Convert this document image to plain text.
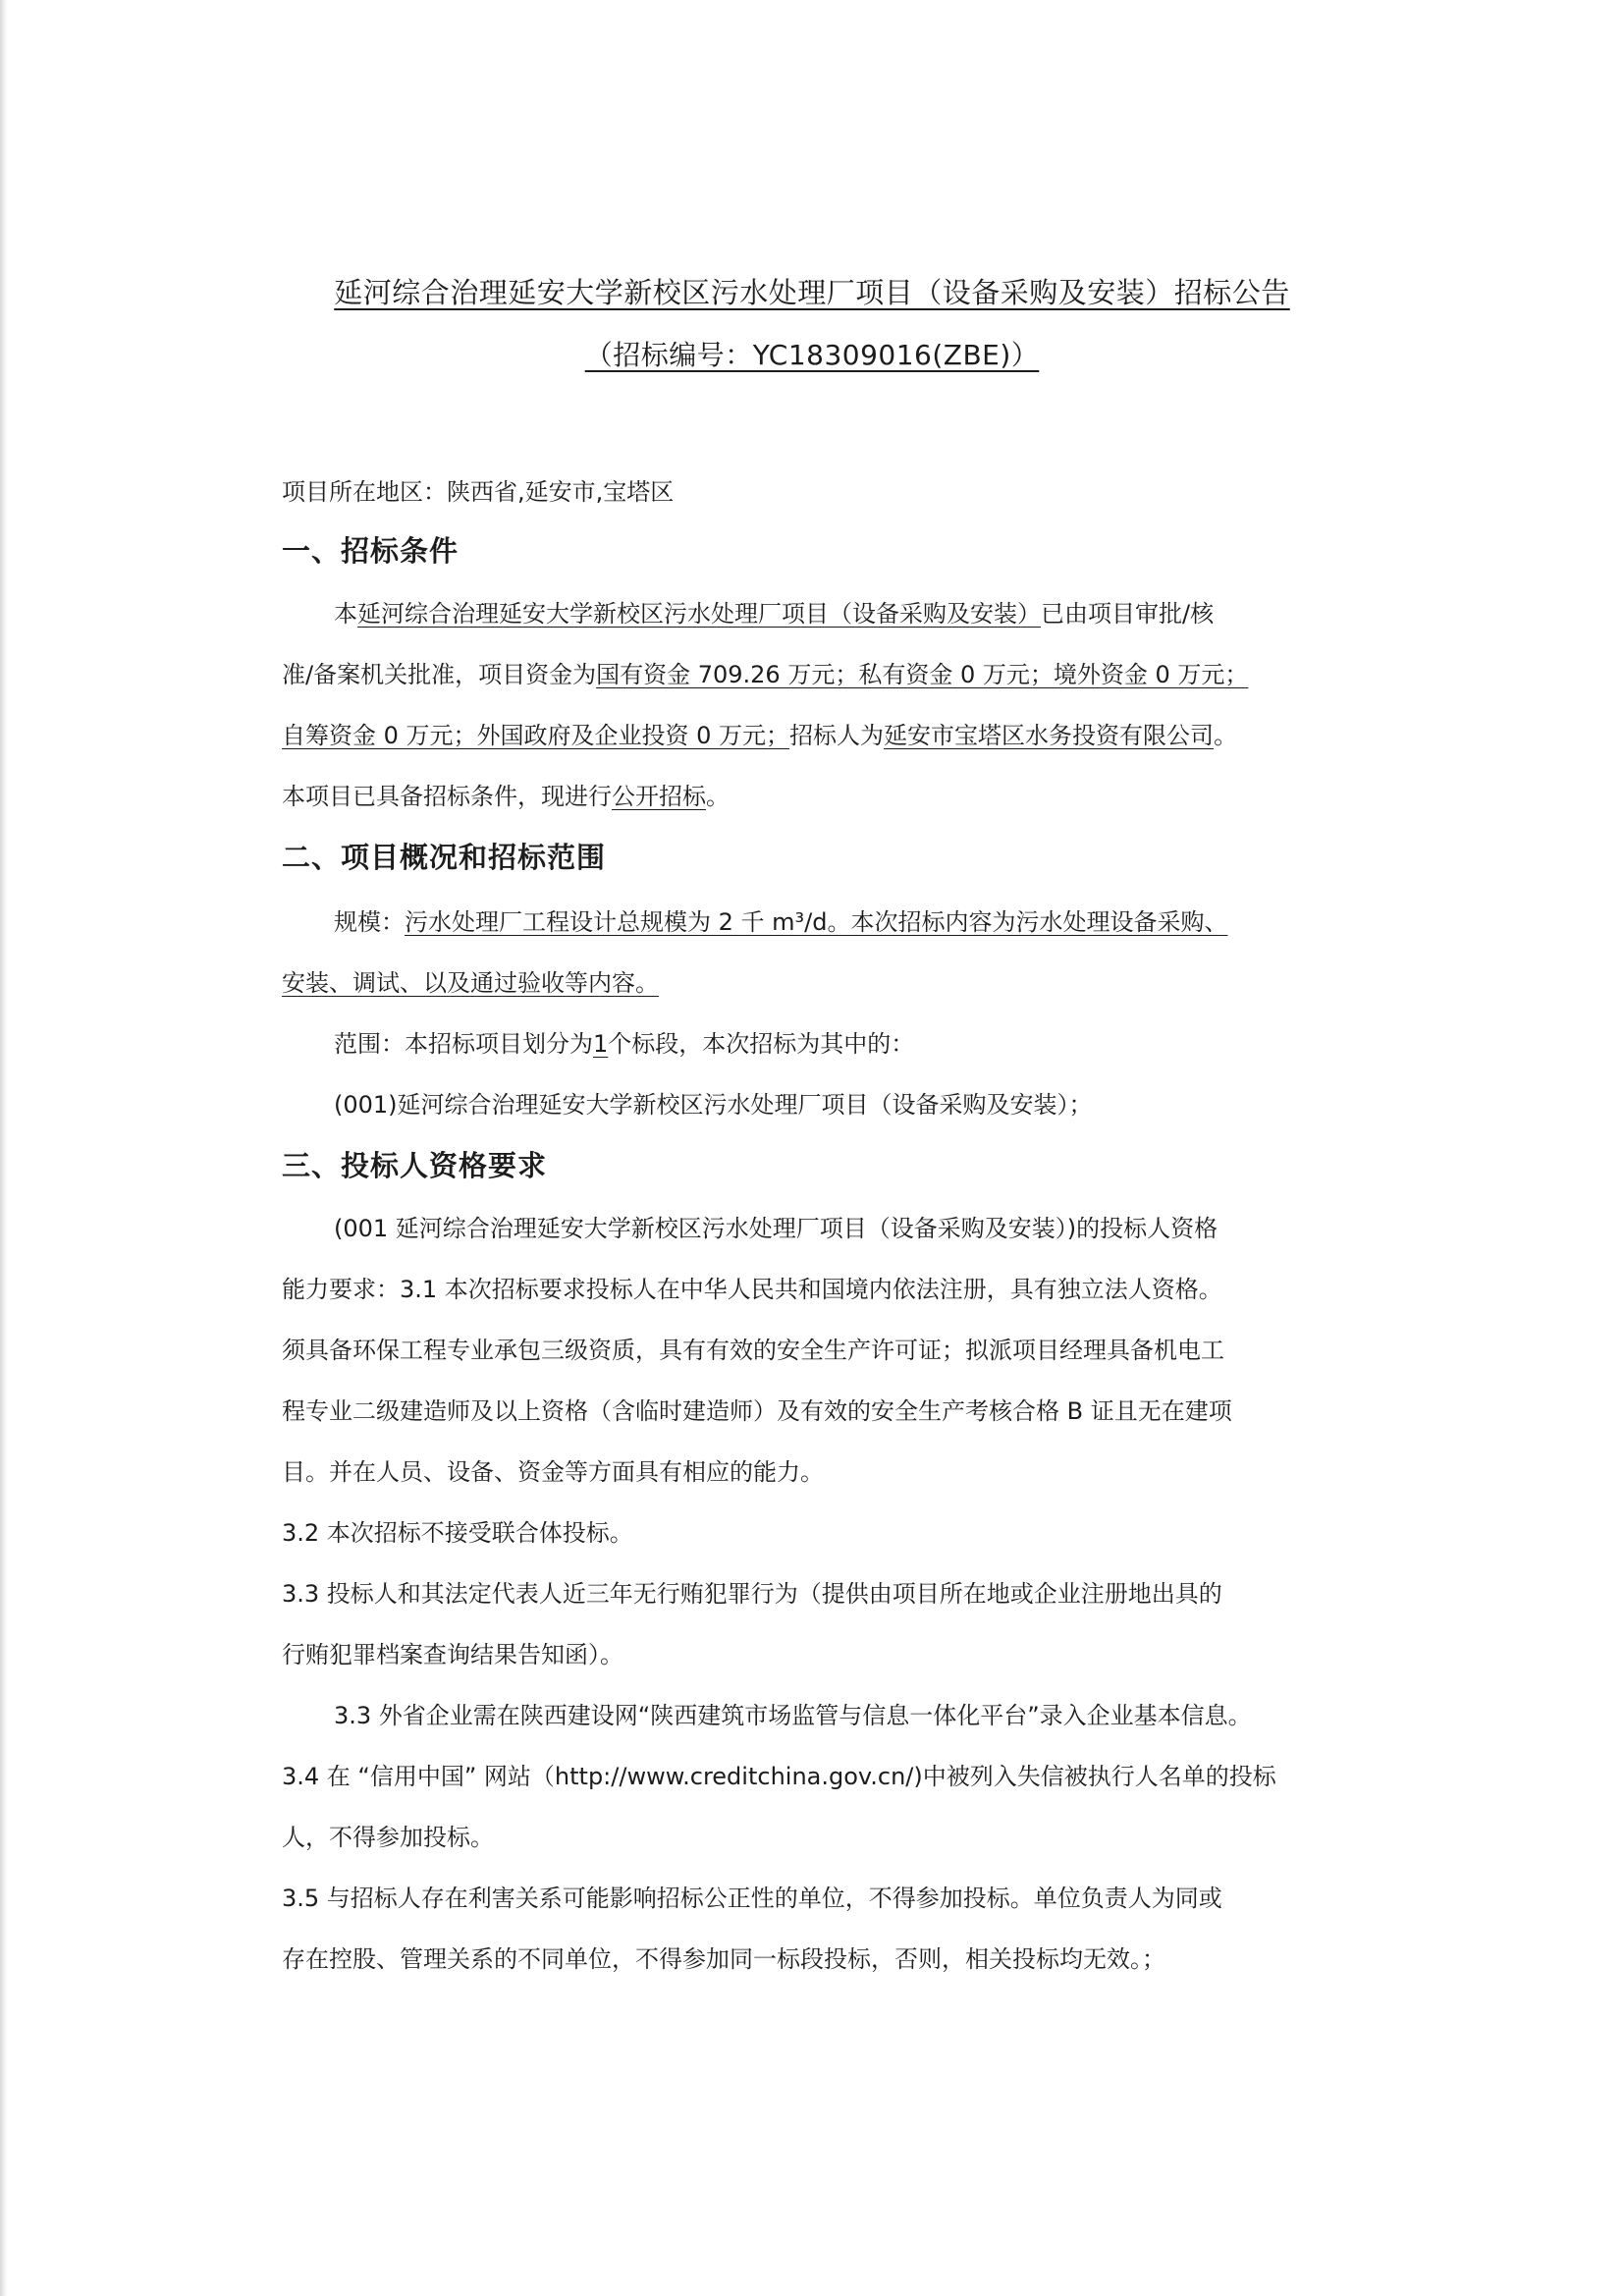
延河综合治理延安大学新校区污水处理厂项目（设备采购及安装）招标公告
（招标编号：YC18309016(ZBE)）
项目所在地区：陕西省,延安市,宝塔区
一、招标条件
本延河综合治理延安大学新校区污水处理厂项目（设备采购及安装）已由项目审批/核
准/备案机关批准，项目资金为国有资金 709.26 万元；私有资金 0 万元；境外资金 0 万元；
自筹资金 0 万元；外国政府及企业投资 0 万元；招标人为延安市宝塔区水务投资有限公司。
本项目已具备招标条件，现进行公开招标。
二、项目概况和招标范围
规模：污水处理厂工程设计总规模为 2 千 m³/d。本次招标内容为污水处理设备采购、
安装、调试、以及通过验收等内容。
范围：本招标项目划分为1个标段，本次招标为其中的：
(001)延河综合治理延安大学新校区污水处理厂项目（设备采购及安装）；
三、投标人资格要求
(001 延河综合治理延安大学新校区污水处理厂项目（设备采购及安装）)的投标人资格
能力要求：3.1 本次招标要求投标人在中华人民共和国境内依法注册，具有独立法人资格。
须具备环保工程专业承包三级资质，具有有效的安全生产许可证；拟派项目经理具备机电工
程专业二级建造师及以上资格（含临时建造师）及有效的安全生产考核合格 B 证且无在建项
目。并在人员、设备、资金等方面具有相应的能力。
3.2 本次招标不接受联合体投标。
3.3 投标人和其法定代表人近三年无行贿犯罪行为（提供由项目所在地或企业注册地出具的
行贿犯罪档案查询结果告知函）。
3.3 外省企业需在陕西建设网“陕西建筑市场监管与信息一体化平台”录入企业基本信息。
3.4 在 “信用中国” 网站（http://www.creditchina.gov.cn/)中被列入失信被执行人名单的投标
人，不得参加投标。
3.5 与招标人存在利害关系可能影响招标公正性的单位，不得参加投标。单位负责人为同或
存在控股、管理关系的不同单位，不得参加同一标段投标，否则，相关投标均无效。；
